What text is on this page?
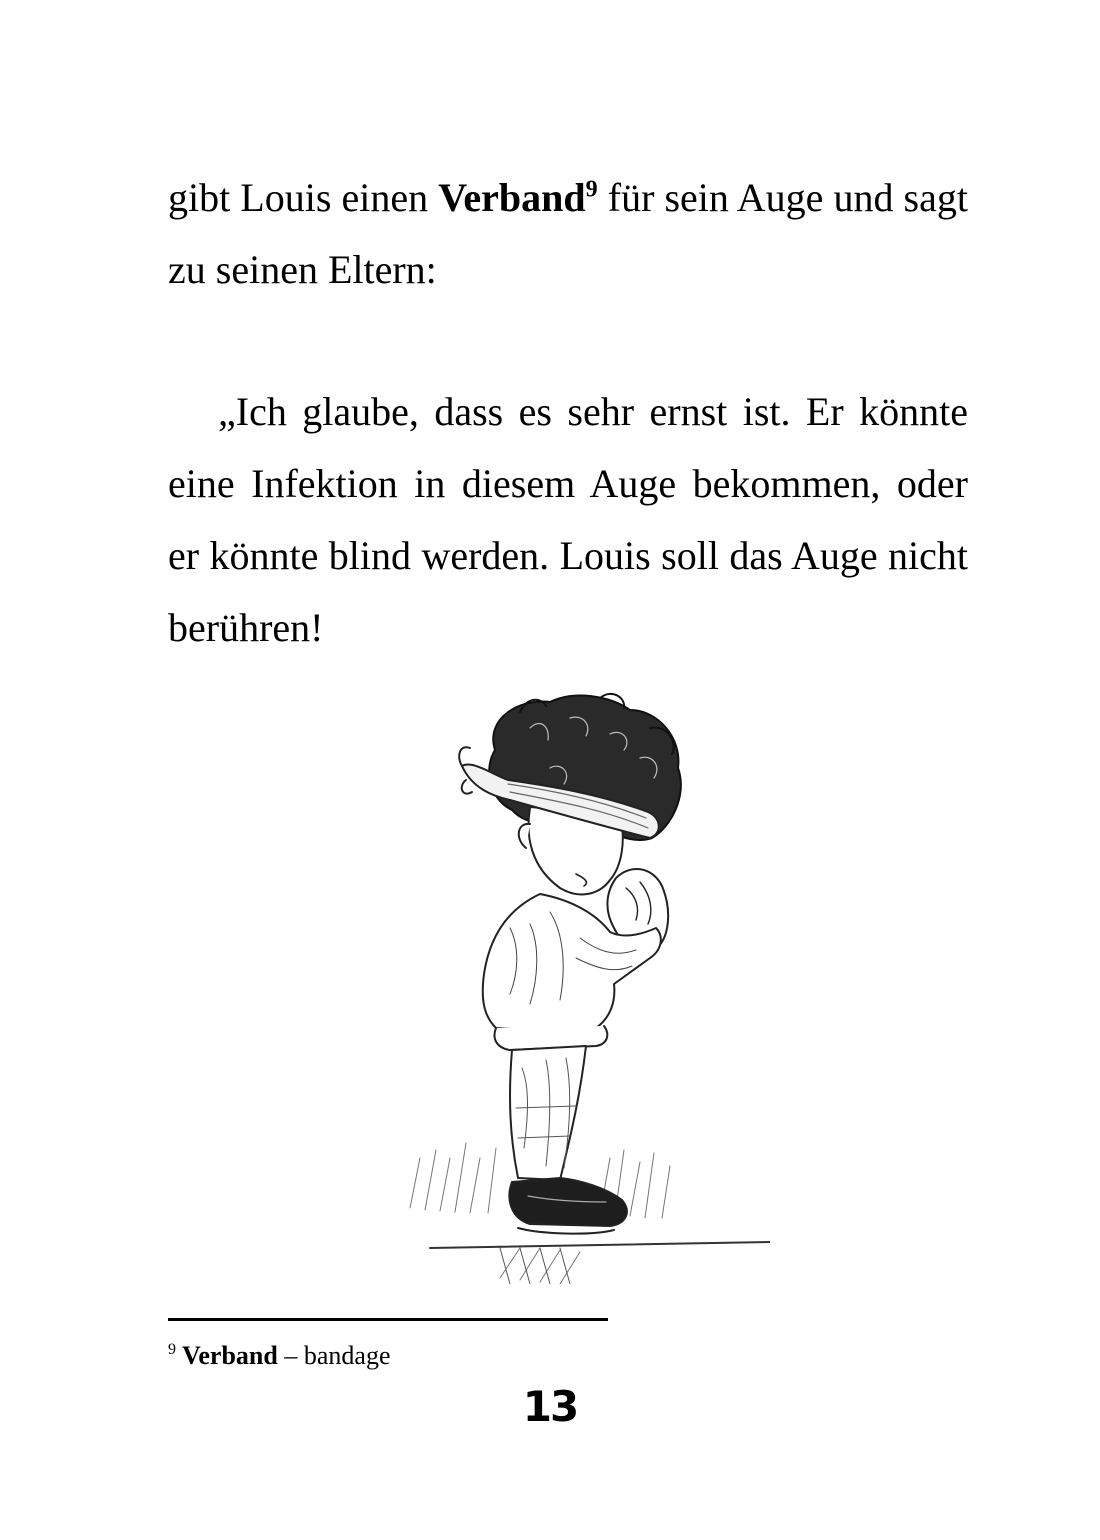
gibt Louis einen Verband$^9$ für sein Auge und sagt zu seinen Eltern:

„Ich glaube, dass es sehr ernst ist. Er könnte eine Infektion in diesem Auge bekommen, oder er könnte blind werden. Louis soll das Auge nicht berühren!

$^9$ Verband – bandage
13
